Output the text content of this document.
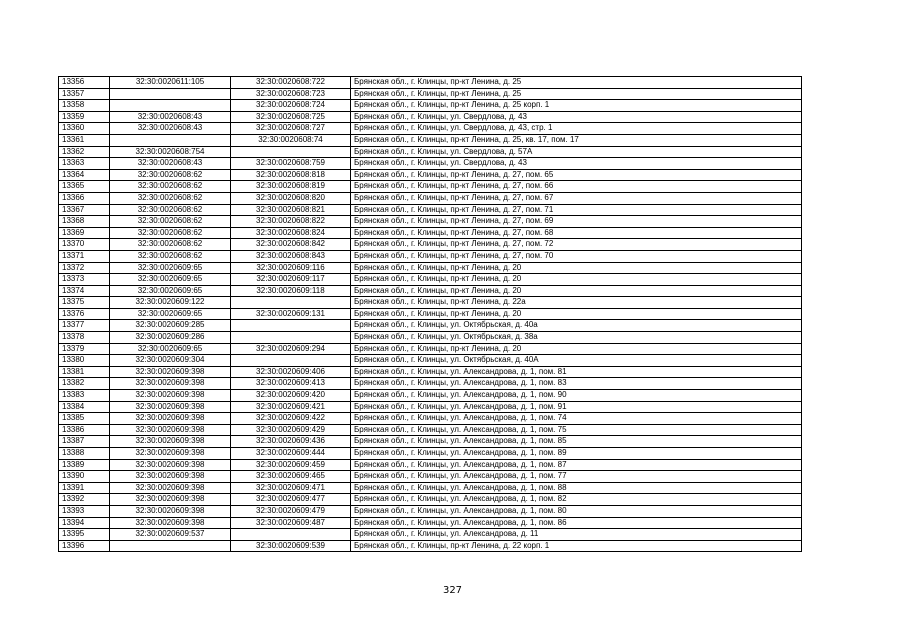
13356	32:30:0020611:105	32:30:0020608:722	Брянская обл., г. Клинцы, пр-кт Ленина, д. 25
13357		32:30:0020608:723	Брянская обл., г. Клинцы, пр-кт Ленина, д. 25
13358		32:30:0020608:724	Брянская обл., г. Клинцы, пр-кт Ленина, д. 25 корп. 1
13359	32:30:0020608:43	32:30:0020608:725	Брянская обл., г. Клинцы, ул. Свердлова, д. 43
13360	32:30:0020608:43	32:30:0020608:727	Брянская обл., г. Клинцы, ул. Свердлова, д. 43, стр. 1
13361		32:30:0020608:74	Брянская обл., г. Клинцы, пр-кт Ленина, д. 25, кв. 17, пом. 17
13362	32:30:0020608:754		Брянская обл., г. Клинцы, ул. Свердлова, д. 57А
13363	32:30:0020608:43	32:30:0020608:759	Брянская обл., г. Клинцы, ул. Свердлова, д. 43
13364	32:30:0020608:62	32:30:0020608:818	Брянская обл., г. Клинцы, пр-кт Ленина, д. 27, пом. 65
13365	32:30:0020608:62	32:30:0020608:819	Брянская обл., г. Клинцы, пр-кт Ленина, д. 27, пом. 66
13366	32:30:0020608:62	32:30:0020608:820	Брянская обл., г. Клинцы, пр-кт Ленина, д. 27, пом. 67
13367	32:30:0020608:62	32:30:0020608:821	Брянская обл., г. Клинцы, пр-кт Ленина, д. 27, пом. 71
13368	32:30:0020608:62	32:30:0020608:822	Брянская обл., г. Клинцы, пр-кт Ленина, д. 27, пом. 69
13369	32:30:0020608:62	32:30:0020608:824	Брянская обл., г. Клинцы, пр-кт Ленина, д. 27, пом. 68
13370	32:30:0020608:62	32:30:0020608:842	Брянская обл., г. Клинцы, пр-кт Ленина, д. 27, пом. 72
13371	32:30:0020608:62	32:30:0020608:843	Брянская обл., г. Клинцы, пр-кт Ленина, д. 27, пом. 70
13372	32:30:0020609:65	32:30:0020609:116	Брянская обл., г. Клинцы, пр-кт Ленина, д. 20
13373	32:30:0020609:65	32:30:0020609:117	Брянская обл., г. Клинцы, пр-кт Ленина, д. 20
13374	32:30:0020609:65	32:30:0020609:118	Брянская обл., г. Клинцы, пр-кт Ленина, д. 20
13375	32:30:0020609:122		Брянская обл., г. Клинцы, пр-кт Ленина, д. 22а
13376	32:30:0020609:65	32:30:0020609:131	Брянская обл., г. Клинцы, пр-кт Ленина, д. 20
13377	32:30:0020609:285		Брянская обл., г. Клинцы, ул. Октябрьская, д. 40а
13378	32:30:0020609:286		Брянская обл., г. Клинцы, ул. Октябрьская, д. 38а
13379	32:30:0020609:65	32:30:0020609:294	Брянская обл., г. Клинцы, пр-кт Ленина, д. 20
13380	32:30:0020609:304		Брянская обл., г. Клинцы, ул. Октябрьская, д. 40А
13381	32:30:0020609:398	32:30:0020609:406	Брянская обл., г. Клинцы, ул. Александрова, д. 1, пом. 81
13382	32:30:0020609:398	32:30:0020609:413	Брянская обл., г. Клинцы, ул. Александрова, д. 1, пом. 83
13383	32:30:0020609:398	32:30:0020609:420	Брянская обл., г. Клинцы, ул. Александрова, д. 1, пом. 90
13384	32:30:0020609:398	32:30:0020609:421	Брянская обл., г. Клинцы, ул. Александрова, д. 1, пом. 91
13385	32:30:0020609:398	32:30:0020609:422	Брянская обл., г. Клинцы, ул. Александрова, д. 1, пом. 74
13386	32:30:0020609:398	32:30:0020609:429	Брянская обл., г. Клинцы, ул. Александрова, д. 1, пом. 75
13387	32:30:0020609:398	32:30:0020609:436	Брянская обл., г. Клинцы, ул. Александрова, д. 1, пом. 85
13388	32:30:0020609:398	32:30:0020609:444	Брянская обл., г. Клинцы, ул. Александрова, д. 1, пом. 89
13389	32:30:0020609:398	32:30:0020609:459	Брянская обл., г. Клинцы, ул. Александрова, д. 1, пом. 87
13390	32:30:0020609:398	32:30:0020609:465	Брянская обл., г. Клинцы, ул. Александрова, д. 1, пом. 77
13391	32:30:0020609:398	32:30:0020609:471	Брянская обл., г. Клинцы, ул. Александрова, д. 1, пом. 88
13392	32:30:0020609:398	32:30:0020609:477	Брянская обл., г. Клинцы, ул. Александрова, д. 1, пом. 82
13393	32:30:0020609:398	32:30:0020609:479	Брянская обл., г. Клинцы, ул. Александрова, д. 1, пом. 80
13394	32:30:0020609:398	32:30:0020609:487	Брянская обл., г. Клинцы, ул. Александрова, д. 1, пом. 86
13395	32:30:0020609:537		Брянская обл., г. Клинцы, ул. Александрова, д. 11
13396		32:30:0020609:539	Брянская обл., г. Клинцы, пр-кт Ленина, д. 22 корп. 1
327
